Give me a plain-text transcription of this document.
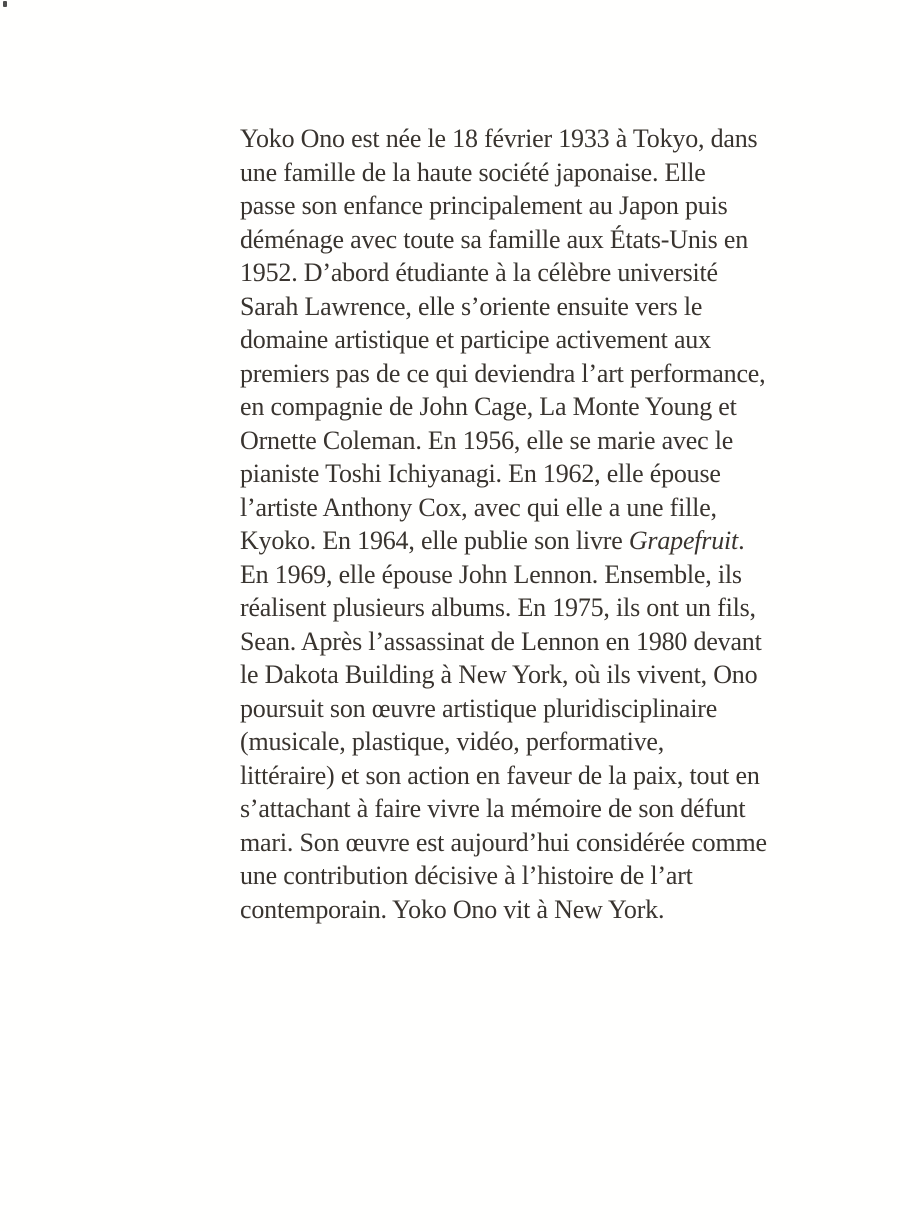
Yoko Ono est née le 18 février 1933 à Tokyo, dans
une famille de la haute société japonaise. Elle
passe son enfance principalement au Japon puis
déménage avec toute sa famille aux États-Unis en
1952. D’abord étudiante à la célèbre université
Sarah Lawrence, elle s’oriente ensuite vers le
domaine artistique et participe activement aux
premiers pas de ce qui deviendra l’art performance,
en compagnie de John Cage, La Monte Young et
Ornette Coleman. En 1956, elle se marie avec le
pianiste Toshi Ichiyanagi. En 1962, elle épouse
l’artiste Anthony Cox, avec qui elle a une fille,
Kyoko. En 1964, elle publie son livre Grapefruit.
En 1969, elle épouse John Lennon. Ensemble, ils
réalisent plusieurs albums. En 1975, ils ont un fils,
Sean. Après l’assassinat de Lennon en 1980 devant
le Dakota Building à New York, où ils vivent, Ono
poursuit son œuvre artistique pluridisciplinaire
(musicale, plastique, vidéo, performative,
littéraire) et son action en faveur de la paix, tout en
s’attachant à faire vivre la mémoire de son défunt
mari. Son œuvre est aujourd’hui considérée comme
une contribution décisive à l’histoire de l’art
contemporain. Yoko Ono vit à New York.
